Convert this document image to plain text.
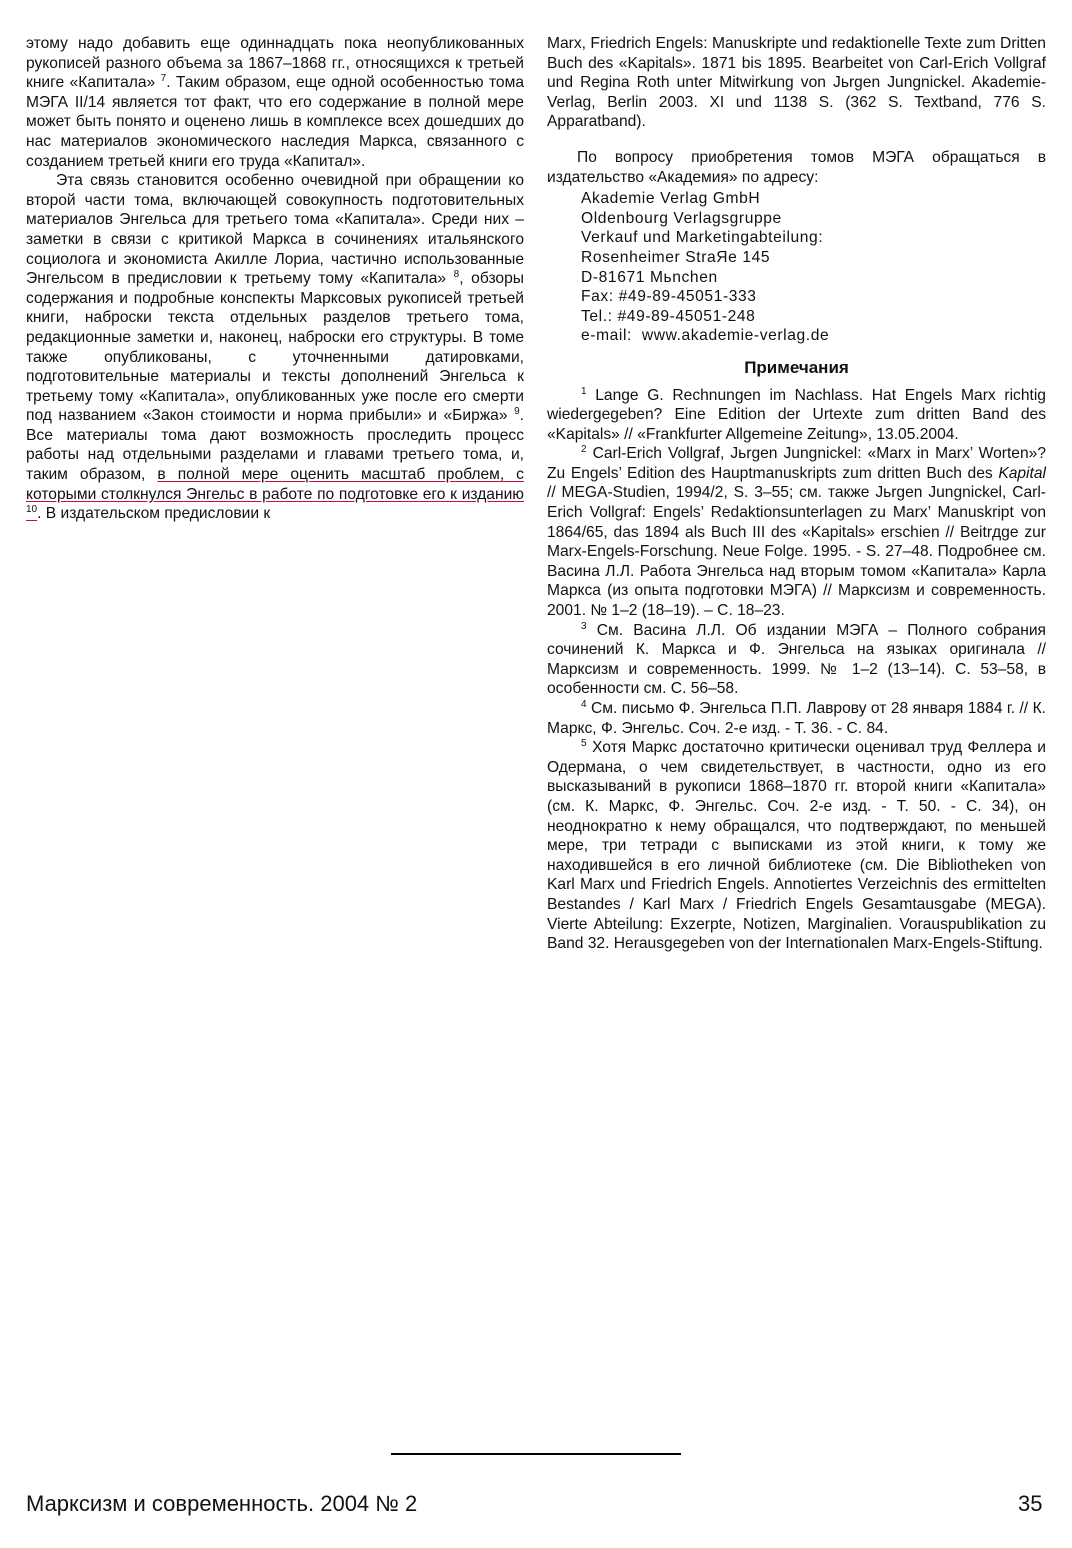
этому надо добавить еще одиннадцать пока неопубликованных рукописей разного объема за 1867–1868 гг., относящихся к третьей книге «Капитала» $^7$. Таким образом, еще одной особенностью тома МЭГА II/14 является тот факт, что его содержание в полной мере может быть понято и оценено лишь в комплексе всех дошедших до нас материалов экономического наследия Маркса, связанного с созданием третьей книги его труда «Капитал».

Эта связь становится особенно очевидной при обращении ко второй части тома, включающей совокупность подготовительных материалов Энгельса для третьего тома «Капитала». Среди них – заметки в связи с критикой Маркса в сочинениях итальянского социолога и экономиста Акилле Лориа, частично использованные Энгельсом в предисловии к третьему тому «Капитала» $^8$, обзоры содержания и подробные конспекты Марксовых рукописей третьей книги, наброски текста отдельных разделов третьего тома, редакционные заметки и, наконец, наброски его структуры. В томе также опубликованы, с уточненными датировками, подготовительные материалы и тексты дополнений Энгельса к третьему тому «Капитала», опубликованных уже после его смерти под названием «Закон стоимости и норма прибыли» и «Биржа» $^9$. Все материалы тома дают возможность проследить процесс работы над отдельными разделами и главами третьего тома, и, таким образом, в полной мере оценить масштаб проблем, с которыми столкнулся Энгельс в работе по подготовке его к изданию $^{10}$. В издательском предисловии к

Marx, Friedrich Engels: Manuskripte und redaktionelle Texte zum Dritten Buch des «Kapitals». 1871 bis 1895. Bearbeitet von Carl-Erich Vollgraf und Regina Roth unter Mitwirkung von Jьrgen Jungnickel. Akademie-Verlag, Berlin 2003. XI und 1138 S. (362 S. Textband, 776 S. Apparatband).

По вопросу приобретения томов МЭГА обращаться в издательство «Академия» по адресу:

Akademie Verlag GmbH

Oldenbourg Verlagsgruppe

Verkauf und Marketingabteilung:

Rosenheimer StraЯe 145

D-81671 Mьnchen

Fax: #49-89-45051-333

Tel.: #49-89-45051-248

e-mail:  www.akademie-verlag.de

Примечания

$^1$ Lange G. Rechnungen im Nachlass. Hat Engels Marx richtig wiedergegeben? Eine Edition der Urtexte zum dritten Band des «Kapitals» // «Frankfurter Allgemeine Zeitung», 13.05.2004.

$^2$ Carl-Erich Vollgraf, Jьrgen Jungnickel: «Marx in Marx’ Worten»? Zu Engels’ Edition des Hauptmanuskripts zum dritten Buch des Kapital // MEGA-Studien, 1994/2, S. 3–55; см. также Jьrgen Jungnickel, Carl-Erich Vollgraf: Engels’ Redaktionsunterlagen zu Marx’ Manuskript von 1864/65, das 1894 als Buch III des «Kapitals» erschien // Beitrдge zur Marx-Engels-Forschung. Neue Folge. 1995. - S. 27–48. Подробнее см. Васина Л.Л. Работа Энгельса над вторым томом «Капитала» Карла Маркса (из опыта подготовки МЭГА) // Марксизм и современность. 2001. № 1–2 (18–19). – С. 18–23.

$^3$ См. Васина Л.Л. Об издании МЭГА – Полного собрания сочинений К. Маркса и Ф. Энгельса на языках оригинала // Марксизм и современность. 1999. № 1–2 (13–14). С. 53–58, в особенности см. С. 56–58.

$^4$ См. письмо Ф. Энгельса П.П. Лаврову от 28 января 1884 г. // К. Маркс, Ф. Энгельс. Соч. 2-е изд. - Т. 36. - С. 84.

$^5$ Хотя Маркс достаточно критически оценивал труд Феллера и Одермана, о чем свидетельствует, в частности, одно из его высказываний в рукописи 1868–1870 гг. второй книги «Капитала» (см. К. Маркс, Ф. Энгельс. Соч. 2-е изд. - Т. 50. - С. 34), он неоднократно к нему обращался, что подтверждают, по меньшей мере, три тетради с выписками из этой книги, к тому же находившейся в его личной библиотеке (см. Die Bibliotheken von Karl Marx und Friedrich Engels. Annotiertes Verzeichnis des ermittelten Bestandes / Karl Marx / Friedrich Engels Gesamtausgabe (MEGA). Vierte Abteilung: Exzerpte, Notizen, Marginalien. Vorauspublikation zu Band 32. Herausgegeben von der Internationalen Marx-Engels-Stiftung.

Марксизм и современность. 2004 № 2	35
